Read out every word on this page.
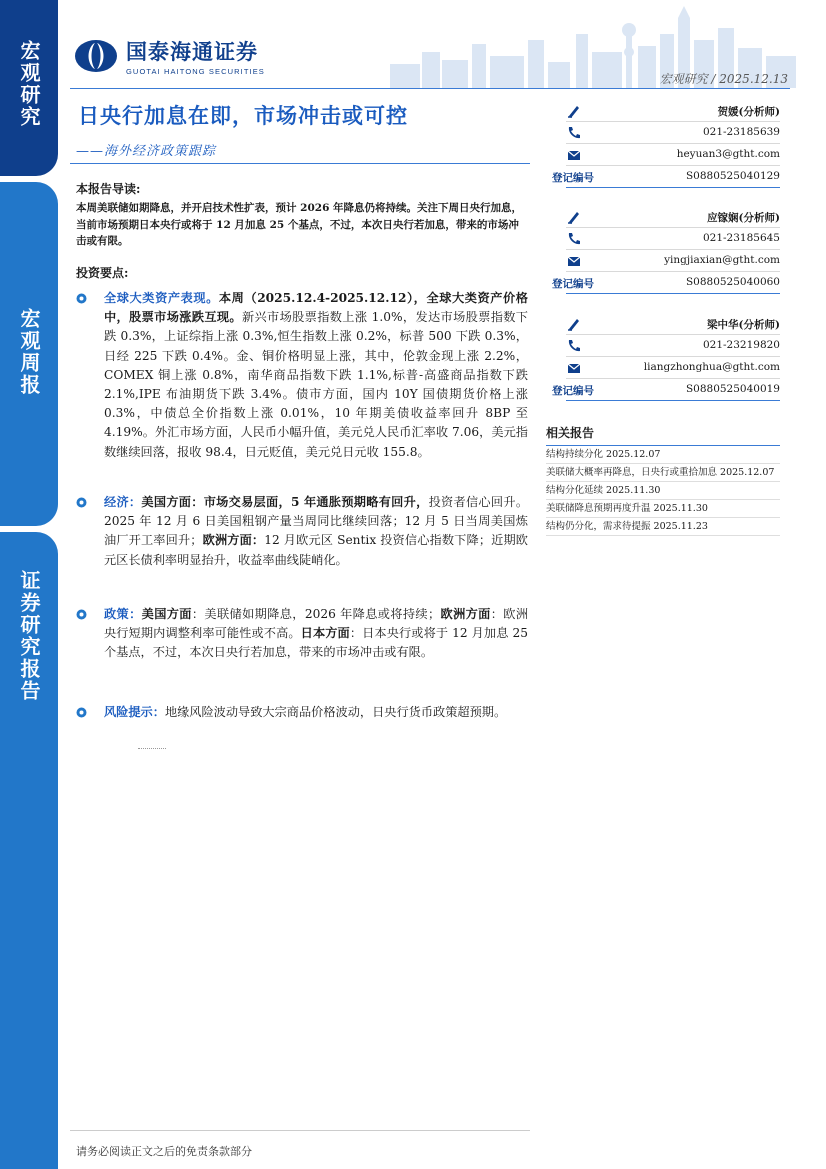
宏观研究
宏观周报
证券研究报告
国泰海通证券
GUOTAI HAITONG SECURITIES
宏观研究 / 2025.12.13
日央行加息在即，市场冲击或可控
——海外经济政策跟踪
本报告导读:
本周美联储如期降息，并开启技术性扩表，预计 2026 年降息仍将持续。关注下周日央行加息，当前市场预期日本央行或将于 12 月加息 25 个基点，不过，本次日央行若加息，带来的市场冲击或有限。
投资要点:
全球大类资产表现。本周（2025.12.4-2025.12.12），全球大类资产价格中，股票市场涨跌互现。新兴市场股票指数上涨 1.0%，发达市场股票指数下跌 0.3%，上证综指上涨 0.3%,恒生指数上涨 0.2%，标普 500 下跌 0.3%，日经 225 下跌 0.4%。金、铜价格明显上涨，其中，伦敦金现上涨 2.2%，COMEX 铜上涨 0.8%，南华商品指数下跌 1.1%,标普-高盛商品指数下跌 2.1%,IPE 布油期货下跌 3.4%。债市方面，国内 10Y 国债期货价格上涨 0.3%，中债总全价指数上涨 0.01%，10 年期美债收益率回升 8BP 至 4.19%。外汇市场方面，人民币小幅升值，美元兑人民币汇率收 7.06，美元指数继续回落，报收 98.4，日元贬值，美元兑日元收 155.8。
经济：美国方面：市场交易层面，5 年通胀预期略有回升，投资者信心回升。2025 年 12 月 6 日美国粗钢产量当周同比继续回落；12 月 5 日当周美国炼油厂开工率回升；欧洲方面：12 月欧元区 Sentix 投资信心指数下降；近期欧元区长债利率明显抬升，收益率曲线陡峭化。
政策：美国方面：美联储如期降息，2026 年降息或将持续；欧洲方面：欧洲央行短期内调整利率可能性或不高。日本方面：日本央行或将于 12 月加息 25 个基点，不过，本次日央行若加息，带来的市场冲击或有限。
风险提示：地缘风险波动导致大宗商品价格波动，日央行货币政策超预期。
贺媛(分析师)
021-23185639
heyuan3@gtht.com
登记编号	S0880525040129
应镓娴(分析师)
021-23185645
yingjiaxian@gtht.com
登记编号	S0880525040060
梁中华(分析师)
021-23219820
liangzhonghua@gtht.com
登记编号	S0880525040019
相关报告
结构持续分化 2025.12.07
美联储大概率再降息，日央行或重拾加息 2025.12.07
结构分化延续 2025.11.30
美联储降息预期再度升温 2025.11.30
结构仍分化，需求待提振 2025.11.23
请务必阅读正文之后的免责条款部分
